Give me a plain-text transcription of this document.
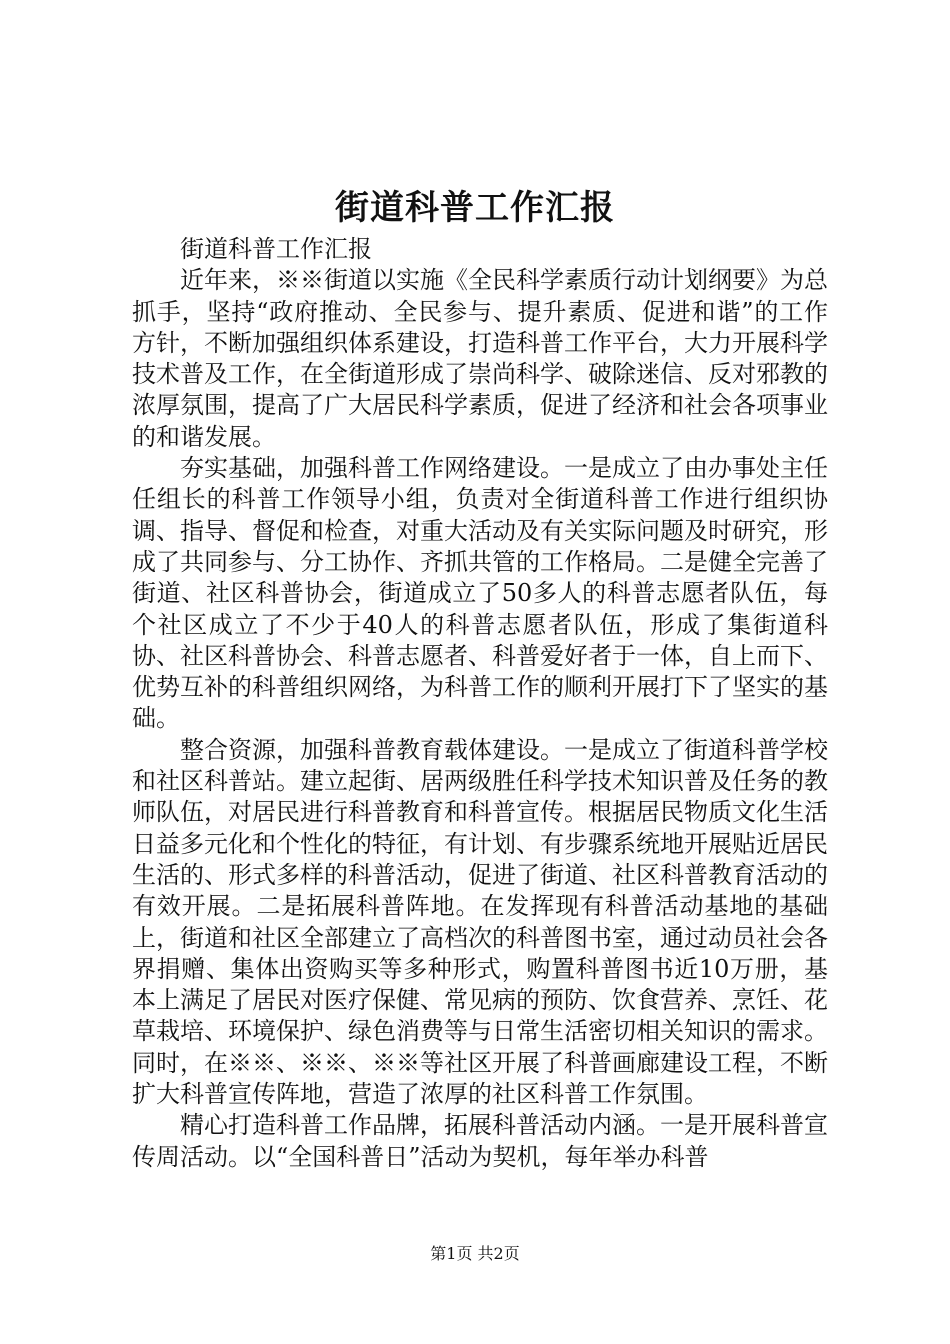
街道科普工作汇报

街道科普工作汇报

近年来，※※街道以实施《全民科学素质行动计划纲要》为总抓手，坚持“政府推动、全民参与、提升素质、促进和谐”的工作方针，不断加强组织体系建设，打造科普工作平台，大力开展科学技术普及工作，在全街道形成了崇尚科学、破除迷信、反对邪教的浓厚氛围，提高了广大居民科学素质，促进了经济和社会各项事业的和谐发展。

夯实基础，加强科普工作网络建设。一是成立了由办事处主任任组长的科普工作领导小组，负责对全街道科普工作进行组织协调、指导、督促和检查，对重大活动及有关实际问题及时研究，形成了共同参与、分工协作、齐抓共管的工作格局。二是健全完善了街道、社区科普协会，街道成立了50多人的科普志愿者队伍，每个社区成立了不少于40人的科普志愿者队伍，形成了集街道科协、社区科普协会、科普志愿者、科普爱好者于一体，自上而下、优势互补的科普组织网络，为科普工作的顺利开展打下了坚实的基础。

整合资源，加强科普教育载体建设。一是成立了街道科普学校和社区科普站。建立起街、居两级胜任科学技术知识普及任务的教师队伍，对居民进行科普教育和科普宣传。根据居民物质文化生活日益多元化和个性化的特征，有计划、有步骤系统地开展贴近居民生活的、形式多样的科普活动，促进了街道、社区科普教育活动的有效开展。二是拓展科普阵地。在发挥现有科普活动基地的基础上，街道和社区全部建立了高档次的科普图书室，通过动员社会各界捐赠、集体出资购买等多种形式，购置科普图书近10万册，基本上满足了居民对医疗保健、常见病的预防、饮食营养、烹饪、花草栽培、环境保护、绿色消费等与日常生活密切相关知识的需求。同时，在※※、※※、※※等社区开展了科普画廊建设工程，不断扩大科普宣传阵地，营造了浓厚的社区科普工作氛围。

精心打造科普工作品牌，拓展科普活动内涵。一是开展科普宣传周活动。以“全国科普日”活动为契机，每年举办科普

第1页 共2页
